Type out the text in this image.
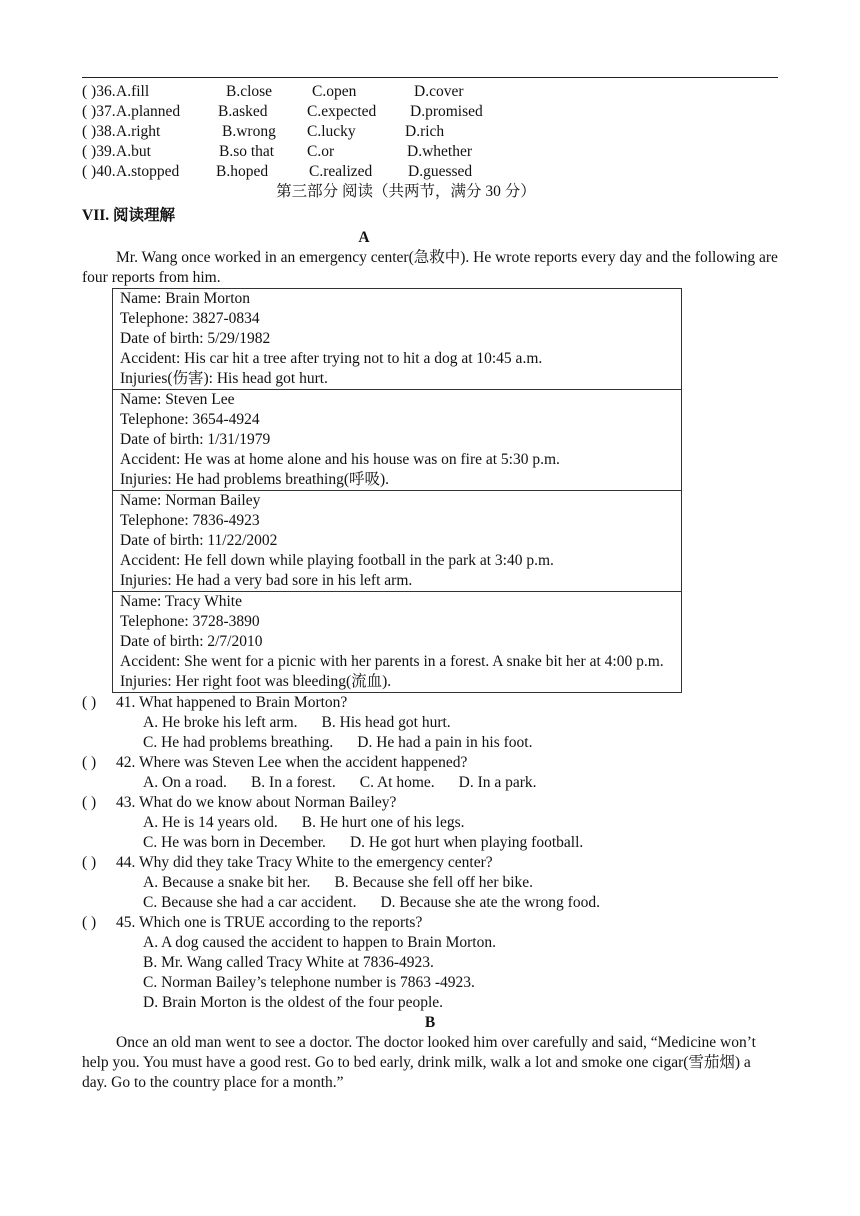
( )36. A.fill	B.close	C.open	D.cover
( )37. A.planned B.asked	C.expected D.promised
( )38. A.right	B.wrong C.lucky	D.rich
( )39. A.but	B.so that C.or	D.whether
( )40. A.stopped B.hoped	C.realized D.guessed
第三部分 阅读（共两节，满分 30 分）
VII. 阅读理解
A
Mr. Wang once worked in an emergency center(急救中). He wrote reports every day and the following are four reports from him.
Name: Brain Morton
Telephone: 3827-0834
Date of birth: 5/29/1982
Accident: His car hit a tree after trying not to hit a dog at 10:45 a.m.
Injuries(伤害): His head got hurt.

Name: Steven Lee
Telephone: 3654-4924
Date of birth: 1/31/1979
Accident: He was at home alone and his house was on fire at 5:30 p.m.
Injuries: He had problems breathing(呼吸).

Name: Norman Bailey
Telephone: 7836-4923
Date of birth: 11/22/2002
Accident: He fell down while playing football in the park at 3:40 p.m.
Injuries: He had a very bad sore in his left arm.

Name: Tracy White
Telephone: 3728-3890
Date of birth: 2/7/2010
Accident: She went for a picnic with her parents in a forest. A snake bit her at 4:00 p.m.
Injuries: Her right foot was bleeding(流血).
( ) 41. What happened to Brain Morton?
A. He broke his left arm. B. His head got hurt.
C. He had problems breathing. D. He had a pain in his foot.
( ) 42. Where was Steven Lee when the accident happened?
A. On a road. B. In a forest. C. At home. D. In a park.
( ) 43. What do we know about Norman Bailey?
A. He is 14 years old. B. He hurt one of his legs.
C. He was born in December. D. He got hurt when playing football.
( ) 44. Why did they take Tracy White to the emergency center?
A. Because a snake bit her. B. Because she fell off her bike.
C. Because she had a car accident. D. Because she ate the wrong food.
( ) 45. Which one is TRUE according to the reports?
A. A dog caused the accident to happen to Brain Morton.
B. Mr. Wang called Tracy White at 7836-4923.
C. Norman Bailey’s telephone number is 7863 -4923.
D. Brain Morton is the oldest of the four people.
B
Once an old man went to see a doctor. The doctor looked him over carefully and said, “Medicine won’t help you. You must have a good rest. Go to bed early, drink milk, walk a lot and smoke one cigar(雪茄烟) a day. Go to the country place for a month.”
